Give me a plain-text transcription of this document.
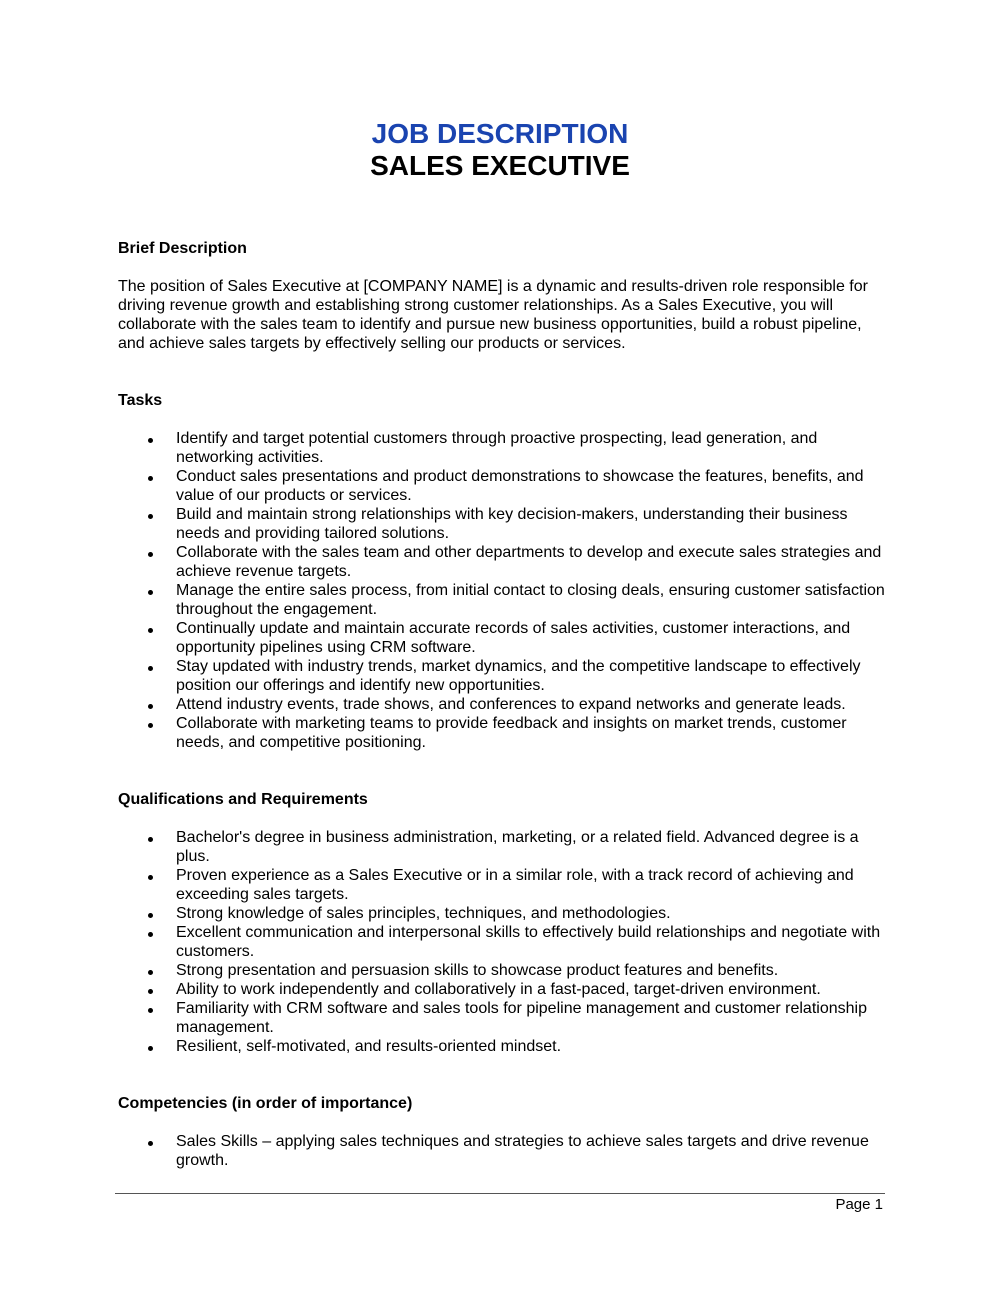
JOB DESCRIPTION
SALES EXECUTIVE

Brief Description

The position of Sales Executive at [COMPANY NAME] is a dynamic and results-driven role responsible for driving revenue growth and establishing strong customer relationships. As a Sales Executive, you will collaborate with the sales team to identify and pursue new business opportunities, build a robust pipeline, and achieve sales targets by effectively selling our products or services.

Tasks

Identify and target potential customers through proactive prospecting, lead generation, and networking activities.
Conduct sales presentations and product demonstrations to showcase the features, benefits, and value of our products or services.
Build and maintain strong relationships with key decision-makers, understanding their business needs and providing tailored solutions.
Collaborate with the sales team and other departments to develop and execute sales strategies and achieve revenue targets.
Manage the entire sales process, from initial contact to closing deals, ensuring customer satisfaction throughout the engagement.
Continually update and maintain accurate records of sales activities, customer interactions, and opportunity pipelines using CRM software.
Stay updated with industry trends, market dynamics, and the competitive landscape to effectively position our offerings and identify new opportunities.
Attend industry events, trade shows, and conferences to expand networks and generate leads.
Collaborate with marketing teams to provide feedback and insights on market trends, customer needs, and competitive positioning.

Qualifications and Requirements

Bachelor's degree in business administration, marketing, or a related field. Advanced degree is a plus.
Proven experience as a Sales Executive or in a similar role, with a track record of achieving and exceeding sales targets.
Strong knowledge of sales principles, techniques, and methodologies.
Excellent communication and interpersonal skills to effectively build relationships and negotiate with customers.
Strong presentation and persuasion skills to showcase product features and benefits.
Ability to work independently and collaboratively in a fast-paced, target-driven environment.
Familiarity with CRM software and sales tools for pipeline management and customer relationship management.
Resilient, self-motivated, and results-oriented mindset.

Competencies (in order of importance)

Sales Skills – applying sales techniques and strategies to achieve sales targets and drive revenue growth.
Page 1
